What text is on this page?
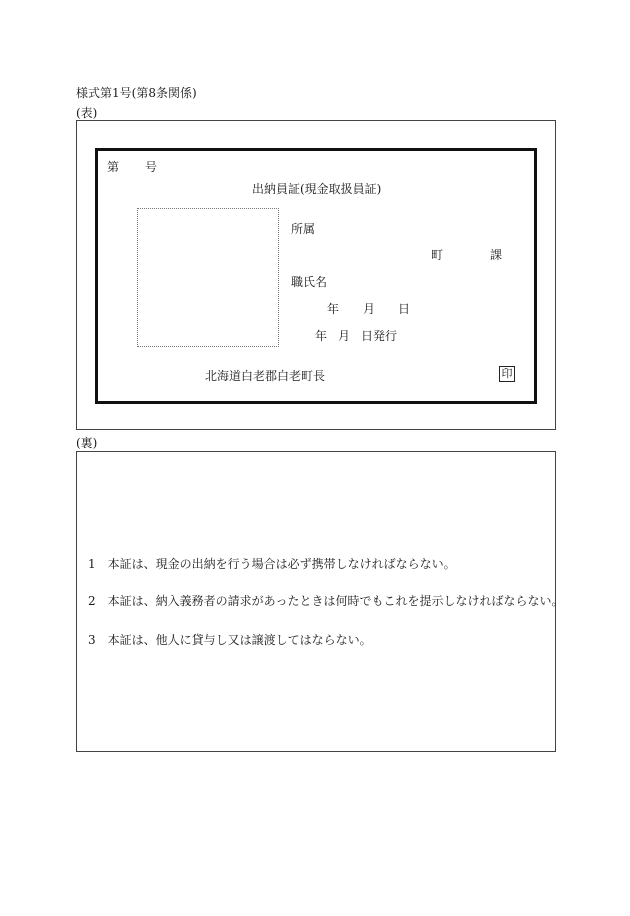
様式第1号(第8条関係)
(表)
第 号
出納員証(現金取扱員証)
所属
町	課
職氏名
年 月 日
年 月 日発行
北海道白老郡白老町長	印
(裏)
1 本証は、現金の出納を行う場合は必ず携帯しなければならない。
2 本証は、納入義務者の請求があったときは何時でもこれを提示しなければならない。
3 本証は、他人に貸与し又は譲渡してはならない。
